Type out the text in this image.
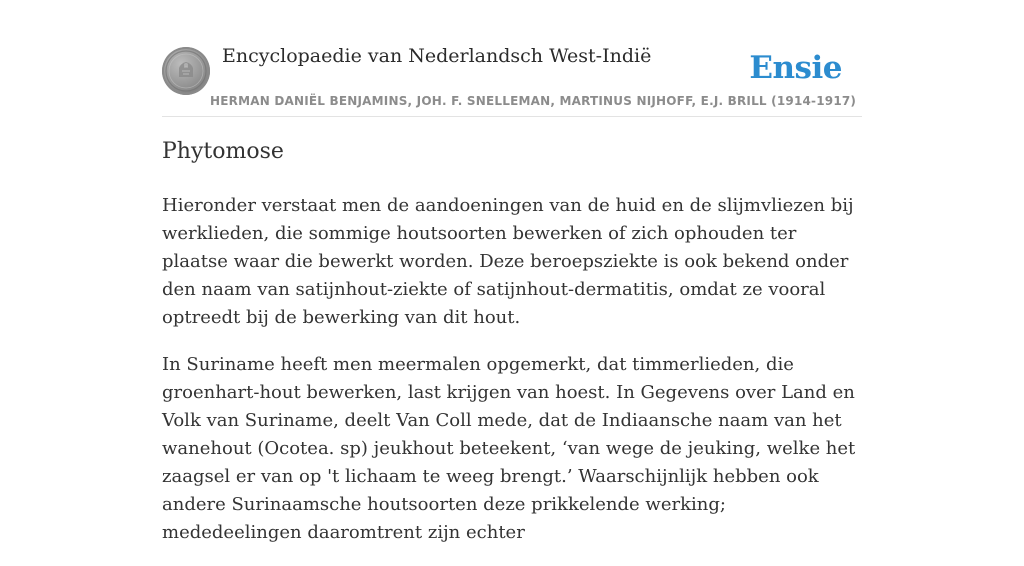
Encyclopaedie van Nederlandsch West-Indië	Ensie
HERMAN DANIËL BENJAMINS, JOH. F. SNELLEMAN, MARTINUS NIJHOFF, E.J. BRILL (1914-1917)
Phytomose

Hieronder verstaat men de aandoeningen van de huid en de slijmvliezen bij werklieden, die sommige houtsoorten bewerken of zich ophouden ter plaatse waar die bewerkt worden. Deze beroepsziekte is ook bekend onder den naam van satijnhout-ziekte of satijnhout-dermatitis, omdat ze vooral optreedt bij de bewerking van dit hout.

In Suriname heeft men meermalen opgemerkt, dat timmerlieden, die groenhart-hout bewerken, last krijgen van hoest. In Gegevens over Land en Volk van Suriname, deelt Van Coll mede, dat de Indiaansche naam van het wanehout (Ocotea. sp) jeukhout beteekent, ‘van wege de jeuking, welke het zaagsel er van op 't lichaam te weeg brengt.’ Waarschijnlijk hebben ook andere Surinaamsche houtsoorten deze prikkelende werking; mededeelingen daaromtrent zijn echter
